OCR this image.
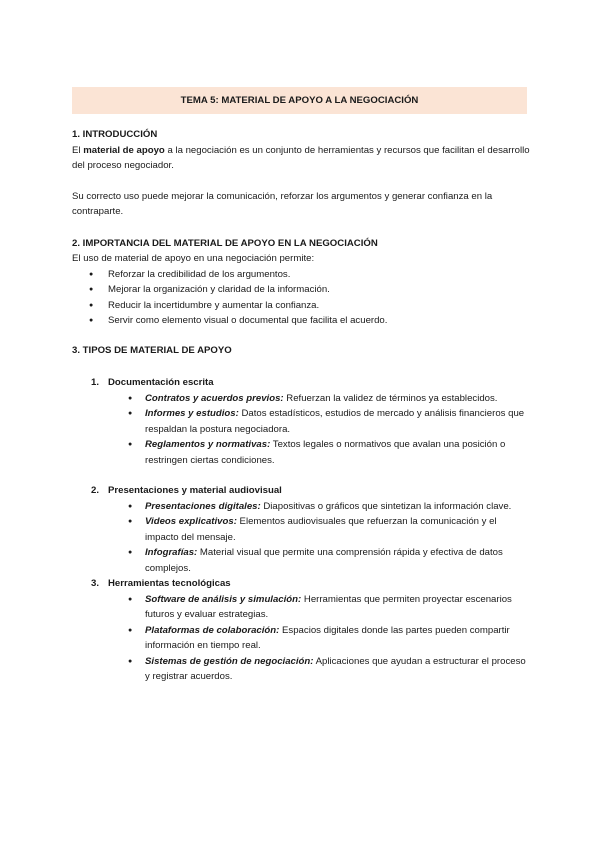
TEMA 5: MATERIAL DE APOYO A LA NEGOCIACIÓN

1. INTRODUCCIÓN

El material de apoyo a la negociación es un conjunto de herramientas y recursos que facilitan el desarrollo del proceso negociador.

Su correcto uso puede mejorar la comunicación, reforzar los argumentos y generar confianza en la contraparte.

2. IMPORTANCIA DEL MATERIAL DE APOYO EN LA NEGOCIACIÓN

El uso de material de apoyo en una negociación permite:

● Reforzar la credibilidad de los argumentos.
● Mejorar la organización y claridad de la información.
● Reducir la incertidumbre y aumentar la confianza.
● Servir como elemento visual o documental que facilita el acuerdo.

3. TIPOS DE MATERIAL DE APOYO

1. Documentación escrita
● Contratos y acuerdos previos: Refuerzan la validez de términos ya establecidos.
● Informes y estudios: Datos estadísticos, estudios de mercado y análisis financieros que respaldan la postura negociadora.
● Reglamentos y normativas: Textos legales o normativos que avalan una posición o restringen ciertas condiciones.
2. Presentaciones y material audiovisual
● Presentaciones digitales: Diapositivas o gráficos que sintetizan la información clave.
● Videos explicativos: Elementos audiovisuales que refuerzan la comunicación y el impacto del mensaje.
● Infografías: Material visual que permite una comprensión rápida y efectiva de datos complejos.
3. Herramientas tecnológicas
● Software de análisis y simulación: Herramientas que permiten proyectar escenarios futuros y evaluar estrategias.
● Plataformas de colaboración: Espacios digitales donde las partes pueden compartir información en tiempo real.
● Sistemas de gestión de negociación: Aplicaciones que ayudan a estructurar el proceso y registrar acuerdos.
